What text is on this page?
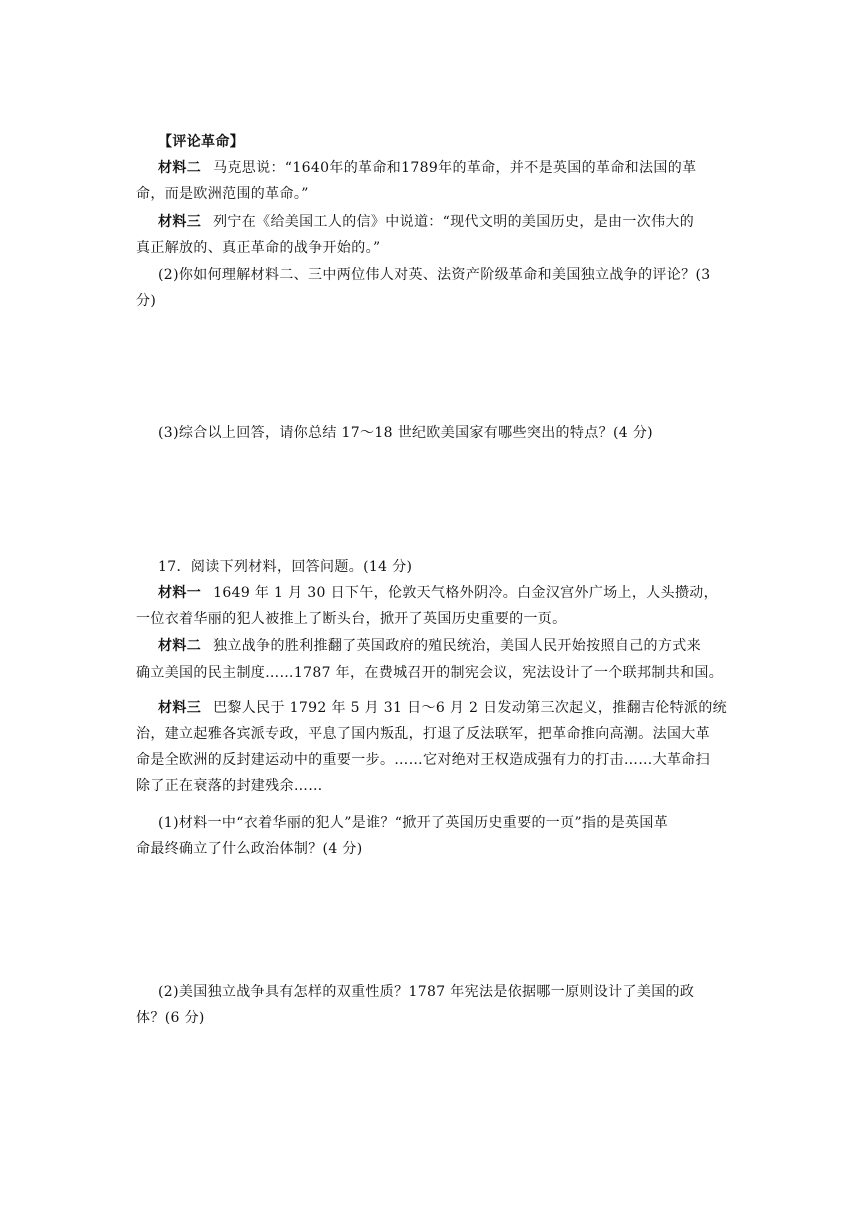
【评论革命】
材料二 马克思说：“1640年的革命和1789年的革命，并不是英国的革命和法国的革
命，而是欧洲范围的革命。”
材料三 列宁在《给美国工人的信》中说道：“现代文明的美国历史，是由一次伟大的
真正解放的、真正革命的战争开始的。”
(2)你如何理解材料二、三中两位伟人对英、法资产阶级革命和美国独立战争的评论？(3
分)
(3)综合以上回答，请你总结 17～18 世纪欧美国家有哪些突出的特点？(4 分)
17．阅读下列材料，回答问题。(14 分)
材料一 1649 年 1 月 30 日下午，伦敦天气格外阴冷。白金汉宫外广场上，人头攒动，
一位衣着华丽的犯人被推上了断头台，掀开了英国历史重要的一页。
材料二 独立战争的胜利推翻了英国政府的殖民统治，美国人民开始按照自己的方式来
确立美国的民主制度……1787 年，在费城召开的制宪会议，宪法设计了一个联邦制共和国。
材料三 巴黎人民于 1792 年 5 月 31 日～6 月 2 日发动第三次起义，推翻吉伦特派的统
治，建立起雅各宾派专政，平息了国内叛乱，打退了反法联军，把革命推向高潮。法国大革
命是全欧洲的反封建运动中的重要一步。……它对绝对王权造成强有力的打击……大革命扫
除了正在衰落的封建残余……
(1)材料一中“衣着华丽的犯人”是谁？“掀开了英国历史重要的一页”指的是英国革
命最终确立了什么政治体制？(4 分)
(2)美国独立战争具有怎样的双重性质？1787 年宪法是依据哪一原则设计了美国的政
体？(6 分)
